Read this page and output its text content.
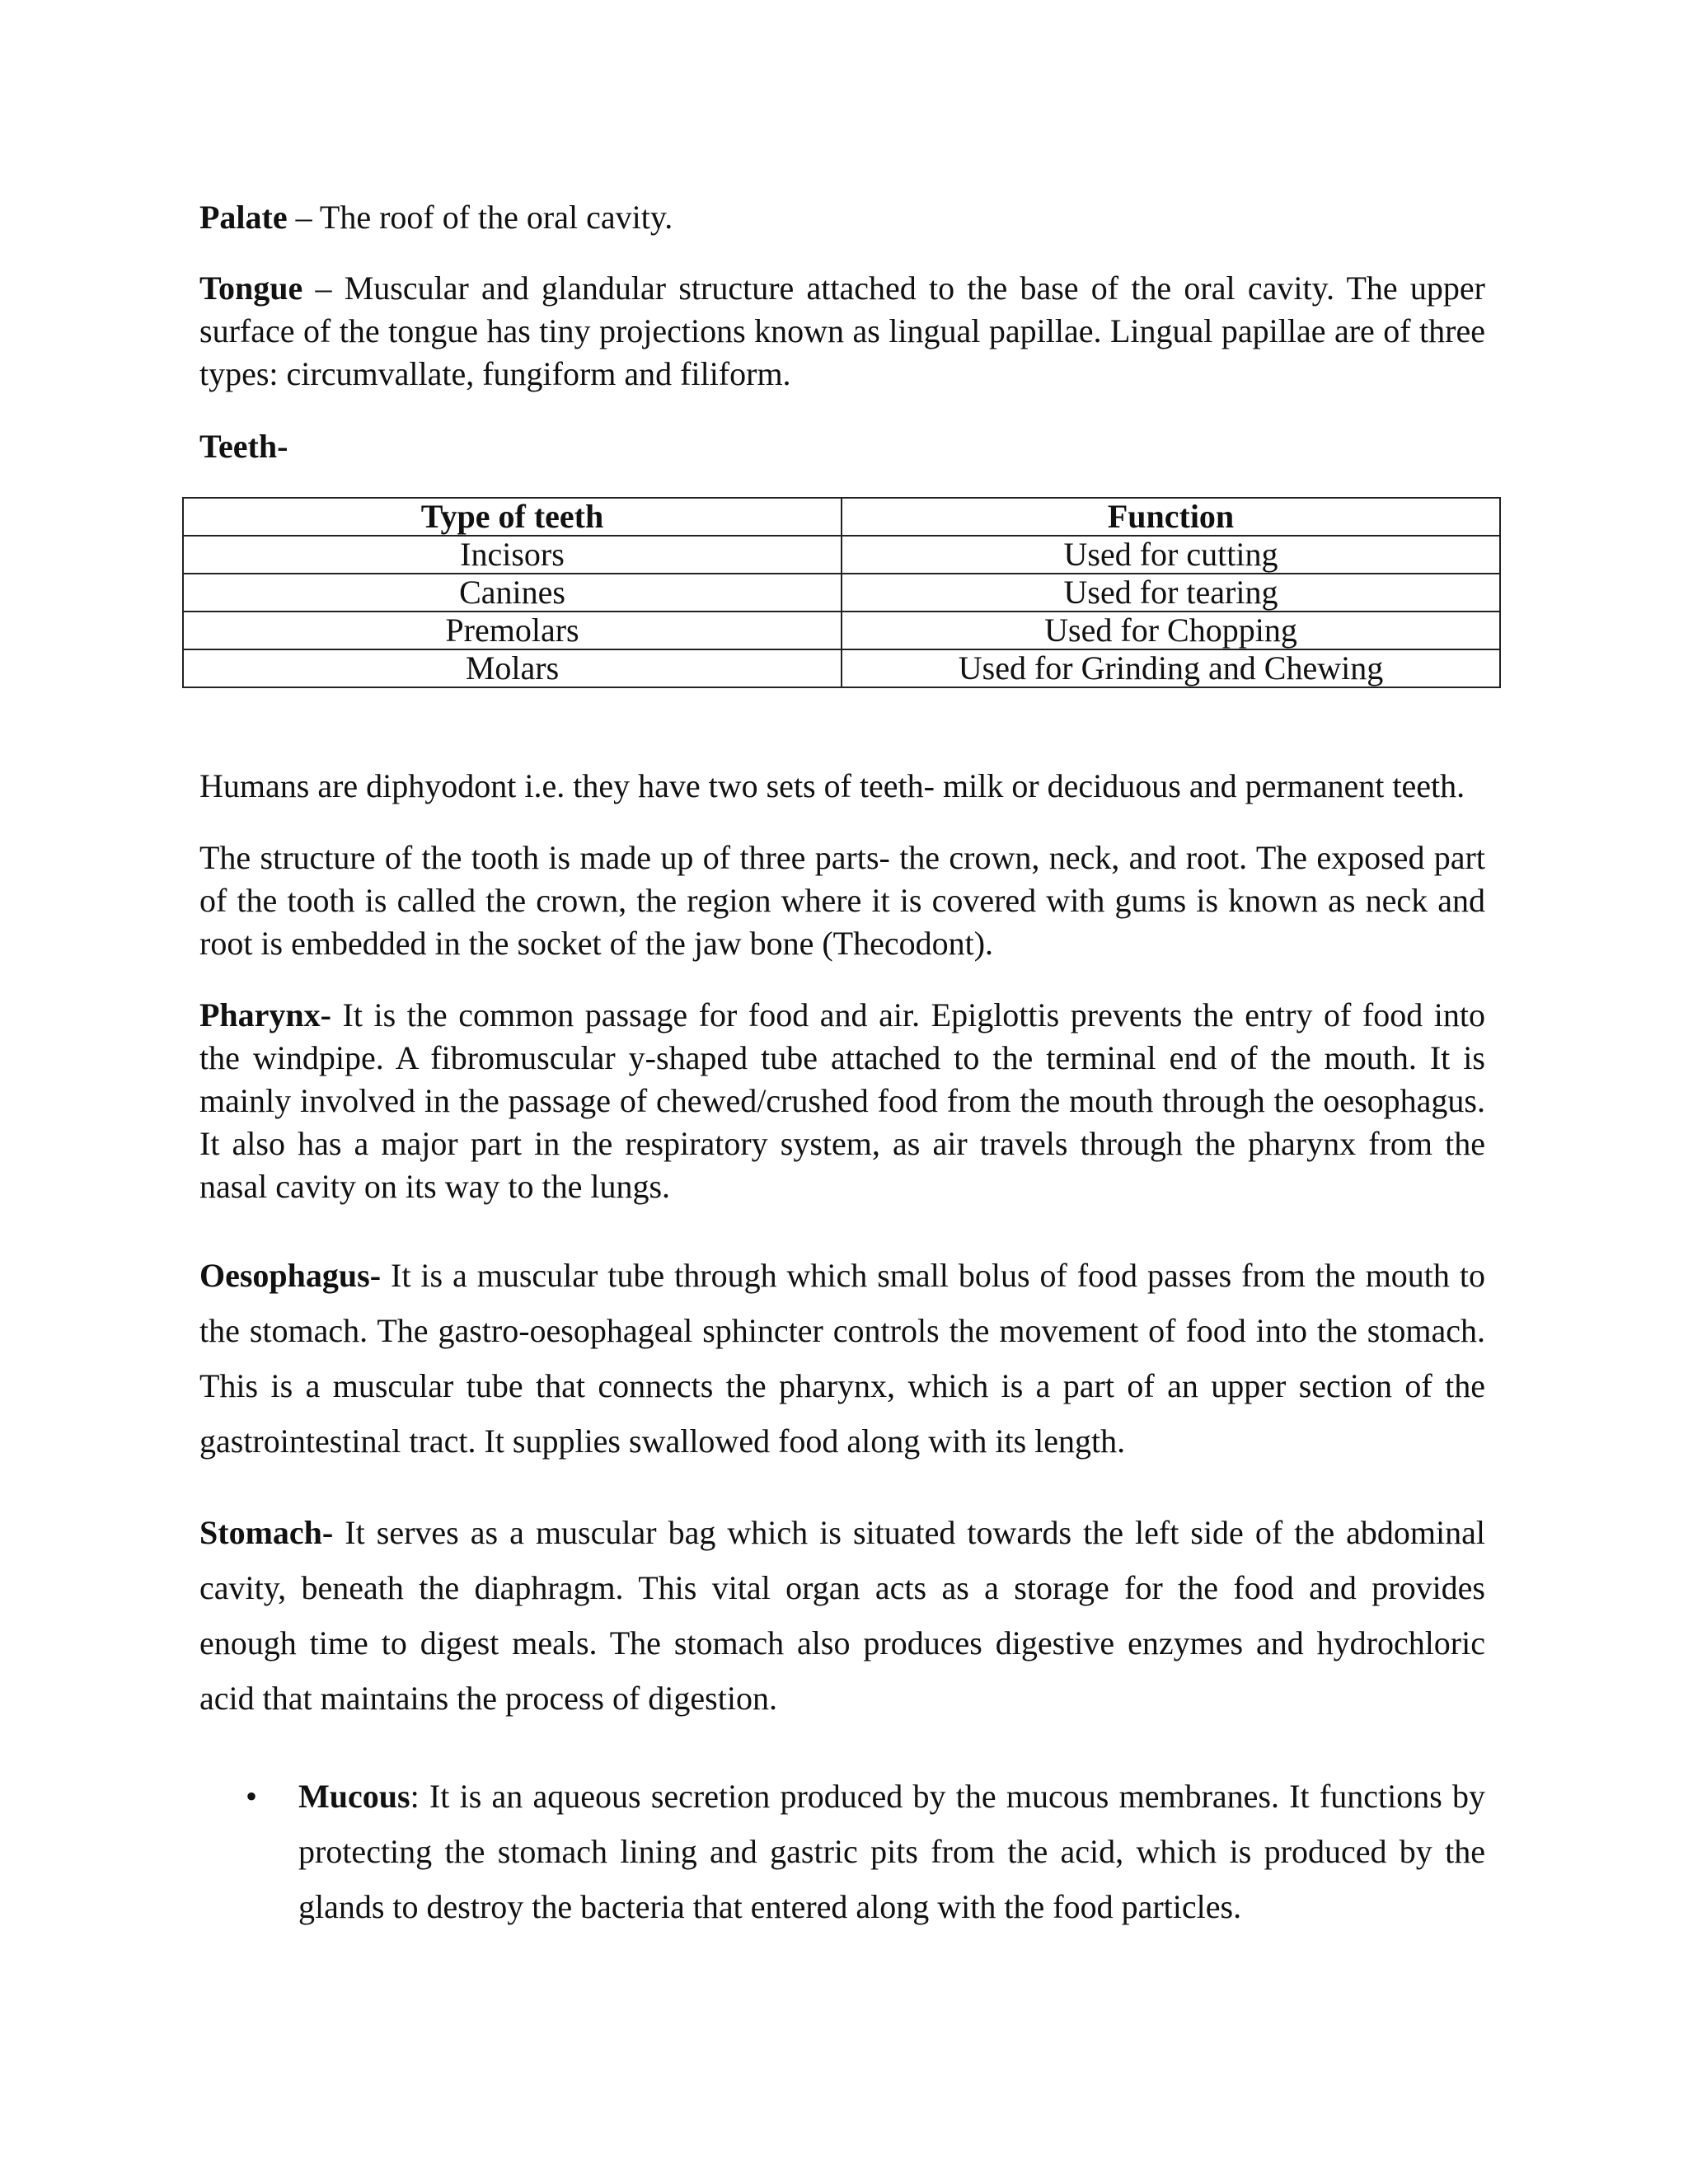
Palate – The roof of the oral cavity.

Tongue – Muscular and glandular structure attached to the base of the oral cavity. The upper surface of the tongue has tiny projections known as lingual papillae. Lingual papillae are of three types: circumvallate, fungiform and filiform.

Teeth-

Type of teeth	Function
Incisors	Used for cutting
Canines	Used for tearing
Premolars	Used for Chopping
Molars	Used for Grinding and Chewing

Humans are diphyodont i.e. they have two sets of teeth- milk or deciduous and permanent teeth.

The structure of the tooth is made up of three parts- the crown, neck, and root. The exposed part of the tooth is called the crown, the region where it is covered with gums is known as neck and root is embedded in the socket of the jaw bone (Thecodont).

Pharynx- It is the common passage for food and air. Epiglottis prevents the entry of food into the windpipe. A fibromuscular y-shaped tube attached to the terminal end of the mouth. It is mainly involved in the passage of chewed/crushed food from the mouth through the oesophagus. It also has a major part in the respiratory system, as air travels through the pharynx from the nasal cavity on its way to the lungs.

Oesophagus- It is a muscular tube through which small bolus of food passes from the mouth to the stomach. The gastro-oesophageal sphincter controls the movement of food into the stomach. This is a muscular tube that connects the pharynx, which is a part of an upper section of the gastrointestinal tract. It supplies swallowed food along with its length.

Stomach- It serves as a muscular bag which is situated towards the left side of the abdominal cavity, beneath the diaphragm. This vital organ acts as a storage for the food and provides enough time to digest meals. The stomach also produces digestive enzymes and hydrochloric acid that maintains the process of digestion.

• Mucous: It is an aqueous secretion produced by the mucous membranes. It functions by protecting the stomach lining and gastric pits from the acid, which is produced by the glands to destroy the bacteria that entered along with the food particles.
